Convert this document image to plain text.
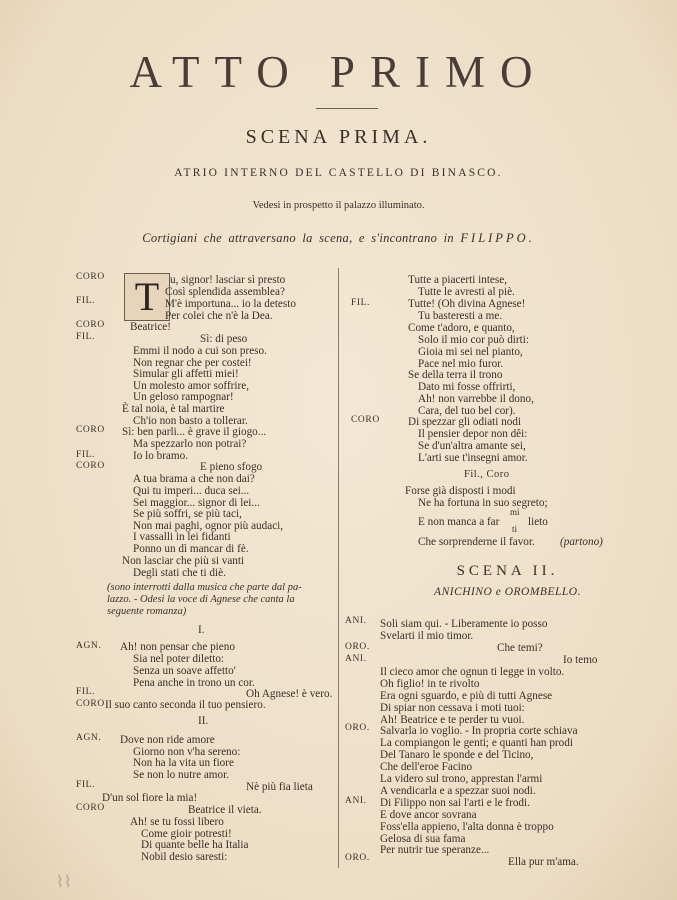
ATTO PRIMO
SCENA PRIMA.
ATRIO INTERNO DEL CASTELLO DI BINASCO.
Vedesi in prospetto il palazzo illuminato.
Cortigiani che attraversano la scena, e s'incontrano in FILIPPO.
T
CORO
FIL.
CORO
FIL.
CORO
FIL.
CORO
AGN.
FIL.
CORO
AGN.
FIL.
CORO
u, signor! lasciar sì presto
Così splendida assemblea?
M'è importuna... io la detesto
Per colei che n'è la Dea.
Beatrice!
Sì: di peso
Emmi il nodo a cui son preso.
Non regnar che per costei!
Simular gli affetti miei!
Un molesto amor soffrire,
Un geloso rampognar!
È tal noia, è tal martire
Ch'io non basto a tollerar.
Sì: ben parli... è grave il giogo...
Ma spezzarlo non potrai?
Io lo bramo.
E pieno sfogo
A tua brama a che non dai?
Qui tu imperi... duca sei...
Sei maggior... signor di lei...
Se più soffri, se più taci,
Non mai paghi, ognor più audaci,
I vassalli in lei fidanti
Ponno un dì mancar di fè.
Non lasciar che più si vanti
Degli stati che ti diè.
(sono interrotti dalla musica che parte dal pa-
lazzo. - Odesi la voce di Agnese che canta la
seguente romanza)
I.
Ah! non pensar che pieno
Sia nel poter diletto:
Senza un soave affetto'
Pena anche in trono un cor.
Oh Agnese! è vero.
Il suo canto seconda il tuo pensiero.
II.
Dove non ride amore
Giorno non v'ha sereno:
Non ha la vita un fiore
Se non lo nutre amor.
Nè più fia lieta
D'un sol fiore la mia!
Beatrice il vieta.
Ah! se tu fossi libero
Come gioir potresti!
Di quante belle ha Italia
Nobil desio saresti:
FIL.
CORO
ANI.
ORO.
ANI.
ORO.
ANI.
ORO.
Tutte a piacerti intese,
Tutte le avresti al piè.
Tutte! (Oh divina Agnese!
Tu basteresti a me.
Come t'adoro, e quanto,
Solo il mio cor può dirti:
Gioia mi sei nel pianto,
Pace nel mio furor.
Se della terra il trono
Dato mi fosse offrirti,
Ah! non varrebbe il dono,
Cara, del tuo bel cor).
Di spezzar gli odiati nodi
Il pensier depor non dêi:
Se d'un'altra amante sei,
L'arti sue t'insegni amor.
Fil., Coro
Forse già disposti i modi
Ne ha fortuna in suo segreto;
E non manca a far
mi
ti
lieto
Che sorprenderne il favor. (partono)
SCENA II.
ANICHINO e OROMBELLO.
Soli siam qui. - Liberamente io posso
Svelarti il mio timor.
Che temi?
Io temo
Il cieco amor che ognun ti legge in volto.
Oh figlio! in te rivolto
Era ogni sguardo, e più di tutti Agnese
Di spiar non cessava i moti tuoi:
Ah! Beatrice e te perder tu vuoi.
Salvarla io voglio. - In propria corte schiava
La compiangon le genti; e quanti han prodi
Del Tanaro le sponde e del Ticino,
Che dell'eroe Facino
La videro sul trono, apprestan l'armi
A vendicarla e a spezzar suoi nodi.
Di Filippo non sai l'arti e le frodi.
E dove ancor sovrana
Foss'ella appieno, l'alta donna è troppo
Gelosa di sua fama
Per nutrir tue speranze...
Ella pur m'ama.
⌇⌇
